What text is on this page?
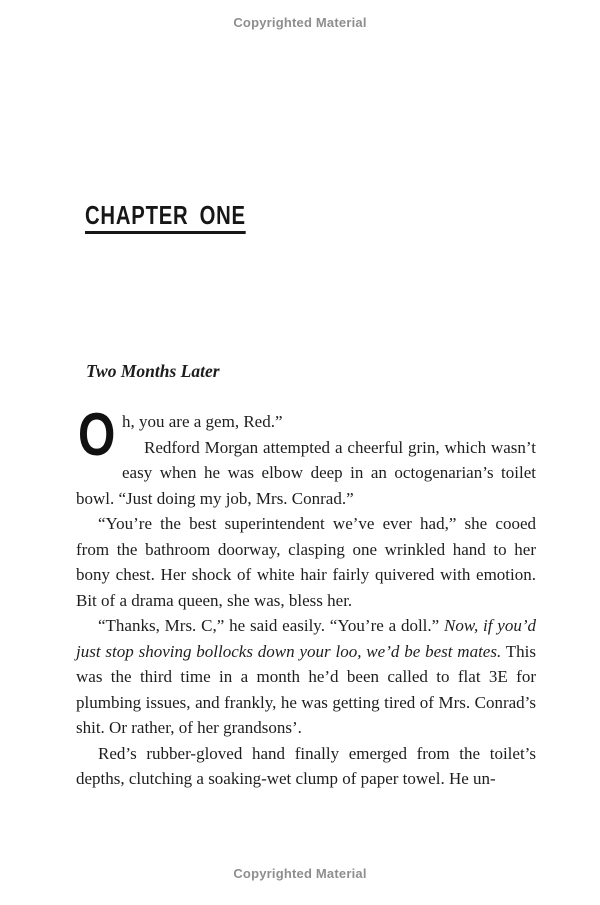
Copyrighted Material
CHAPTER ONE
Two Months Later
O h, you are a gem, Red.”

Redford Morgan attempted a cheerful grin, which wasn’t easy when he was elbow deep in an octogenarian’s toilet bowl. “Just doing my job, Mrs. Conrad.”

“You’re the best superintendent we’ve ever had,” she cooed from the bathroom doorway, clasping one wrinkled hand to her bony chest. Her shock of white hair fairly quivered with emotion. Bit of a drama queen, she was, bless her.

“Thanks, Mrs. C,” he said easily. “You’re a doll.” Now, if you’d just stop shoving bollocks down your loo, we’d be best mates. This was the third time in a month he’d been called to flat 3E for plumbing issues, and frankly, he was getting tired of Mrs. Conrad’s shit. Or rather, of her grandsons’.

Red’s rubber-gloved hand finally emerged from the toilet’s depths, clutching a soaking-wet clump of paper towel. He un-

Copyrighted Material
